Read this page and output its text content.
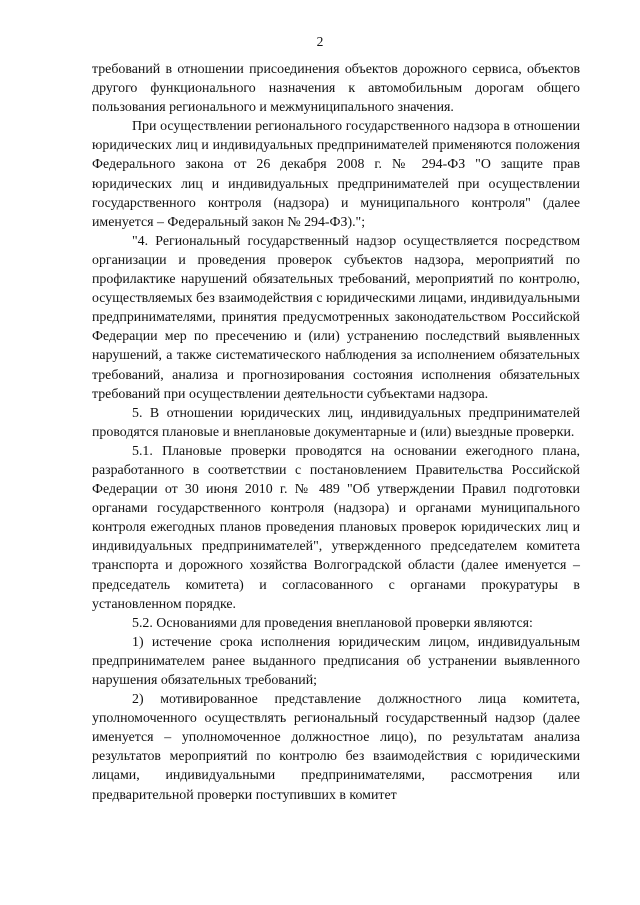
2

требований в отношении присоединения объектов дорожного сервиса, объектов другого функционального назначения к автомобильным дорогам общего пользования регионального и межмуниципального значения.

При осуществлении регионального государственного надзора в отношении юридических лиц и индивидуальных предпринимателей применяются положения Федерального закона от 26 декабря 2008 г. № 294-ФЗ "О защите прав юридических лиц и индивидуальных предпринимателей при осуществлении государственного контроля (надзора) и муниципального контроля" (далее именуется – Федеральный закон № 294-ФЗ).";

"4. Региональный государственный надзор осуществляется посредством организации и проведения проверок субъектов надзора, мероприятий по профилактике нарушений обязательных требований, мероприятий по контролю, осуществляемых без взаимодействия с юридическими лицами, индивидуальными предпринимателями, принятия предусмотренных законодательством Российской Федерации мер по пресечению и (или) устранению последствий выявленных нарушений, а также систематического наблюдения за исполнением обязательных требований, анализа и прогнозирования состояния исполнения обязательных требований при осуществлении деятельности субъектами надзора.

5. В отношении юридических лиц, индивидуальных предпринимателей проводятся плановые и внеплановые документарные и (или) выездные проверки.

5.1. Плановые проверки проводятся на основании ежегодного плана, разработанного в соответствии с постановлением Правительства Российской Федерации от 30 июня 2010 г. № 489 "Об утверждении Правил подготовки органами государственного контроля (надзора) и органами муниципального контроля ежегодных планов проведения плановых проверок юридических лиц и индивидуальных предпринимателей", утвержденного председателем комитета транспорта и дорожного хозяйства Волгоградской области (далее именуется – председатель комитета) и согласованного с органами прокуратуры в установленном порядке.

5.2. Основаниями для проведения внеплановой проверки являются:

1) истечение срока исполнения юридическим лицом, индивидуальным предпринимателем ранее выданного предписания об устранении выявленного нарушения обязательных требований;

2) мотивированное представление должностного лица комитета, уполномоченного осуществлять региональный государственный надзор (далее именуется – уполномоченное должностное лицо), по результатам анализа результатов мероприятий по контролю без взаимодействия с юридическими лицами, индивидуальными предпринимателями, рассмотрения или предварительной проверки поступивших в комитет
